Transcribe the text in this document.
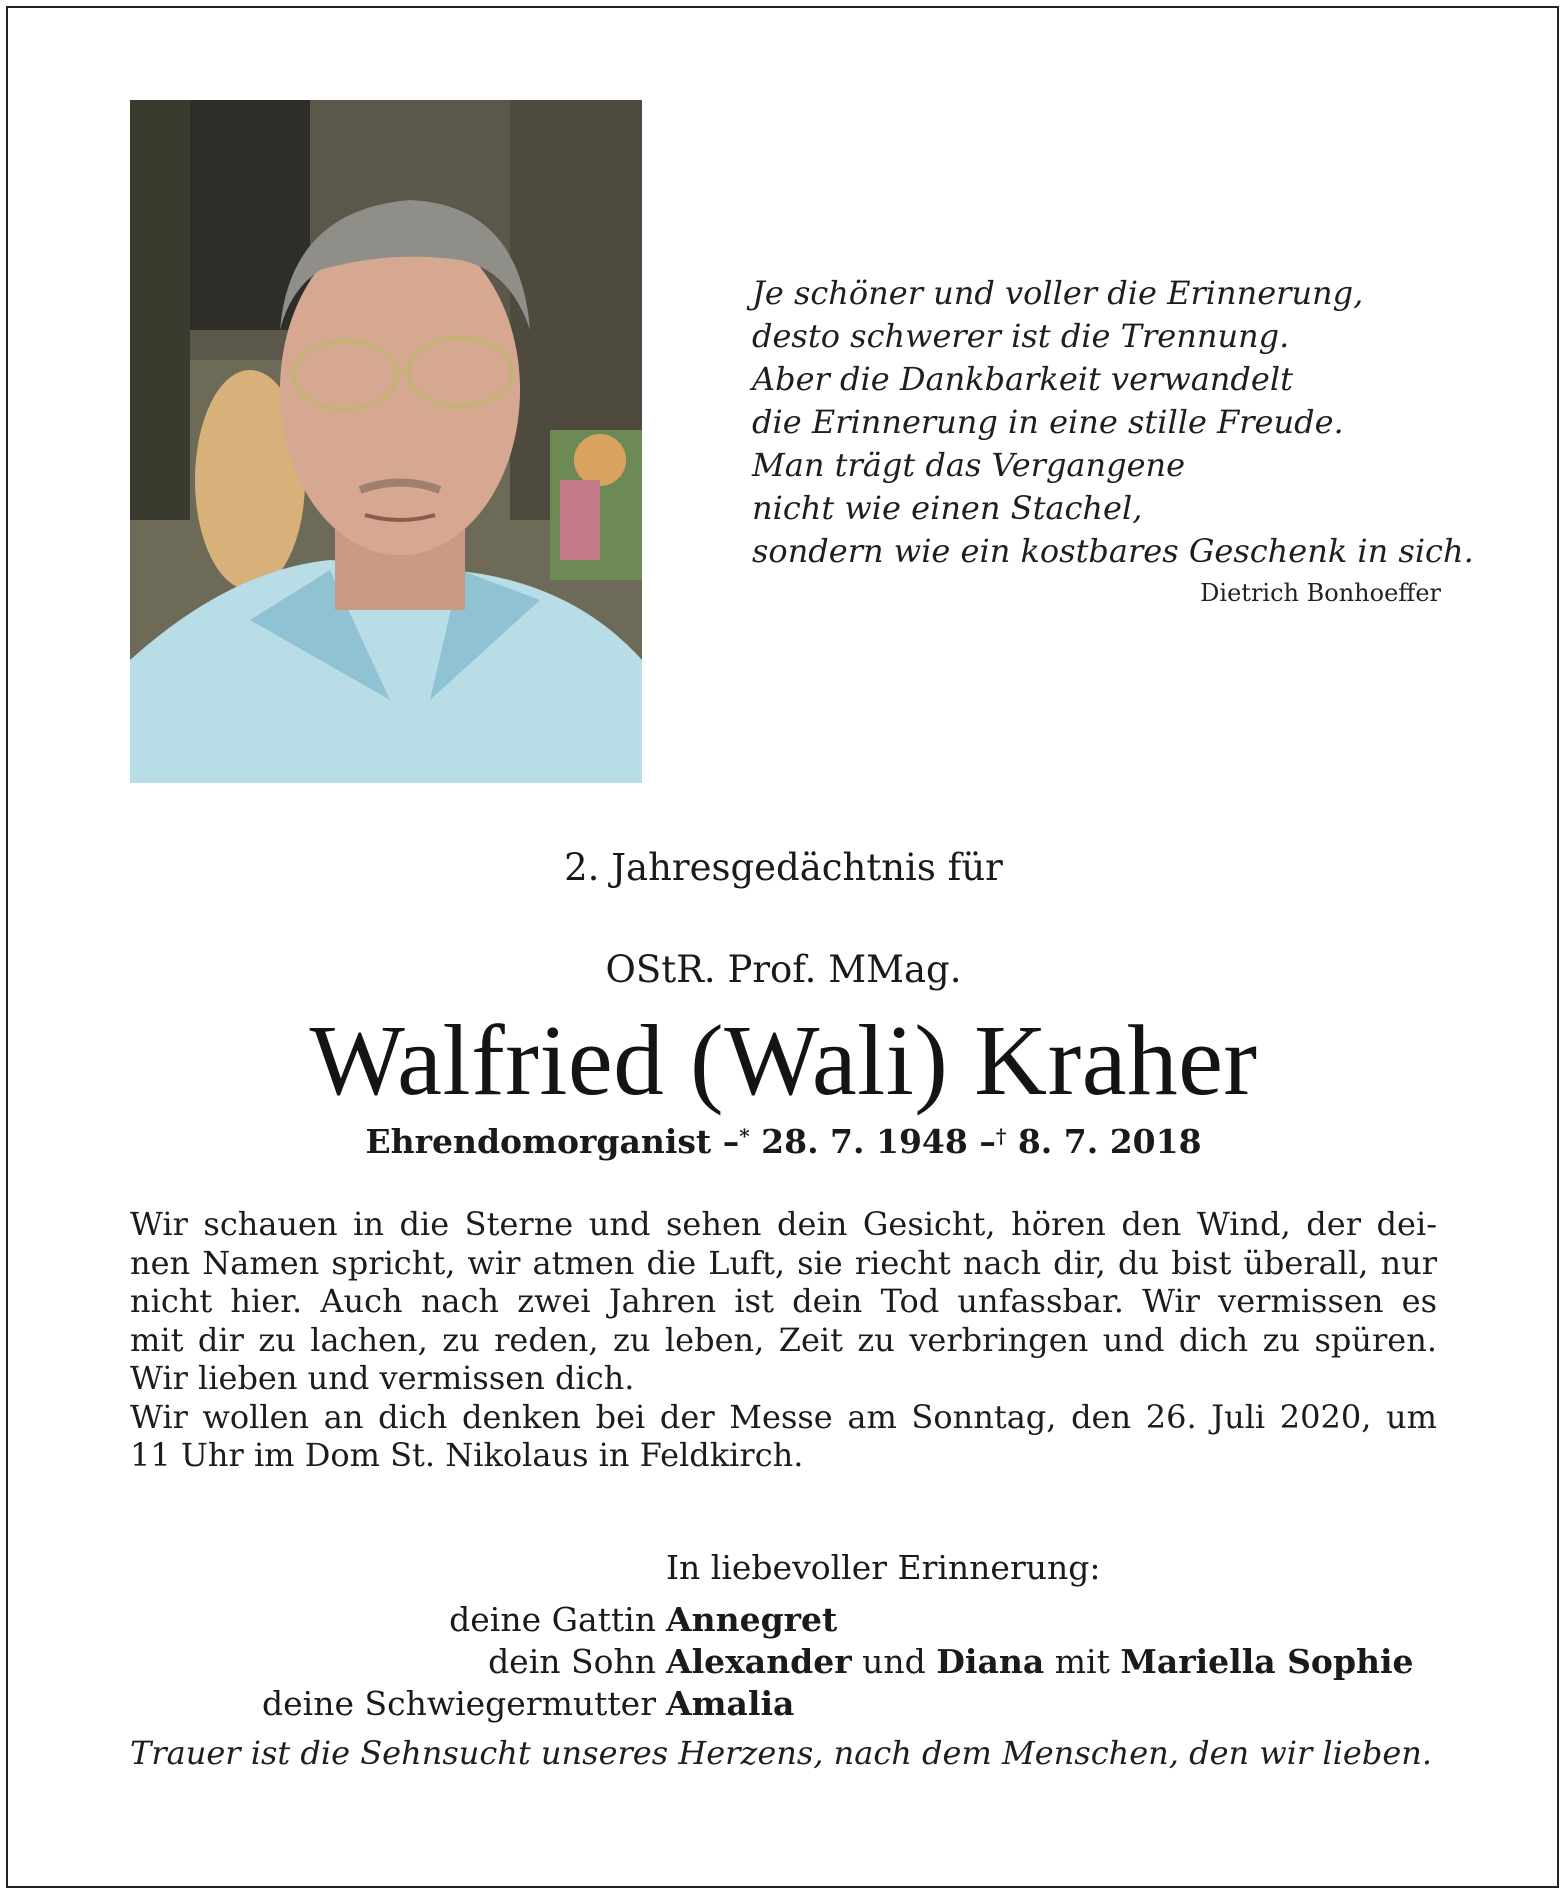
Je schöner und voller die Erinnerung,
desto schwerer ist die Trennung.
Aber die Dankbarkeit verwandelt
die Erinnerung in eine stille Freude.
Man trägt das Vergangene
nicht wie einen Stachel,
sondern wie ein kostbares Geschenk in sich.
Dietrich Bonhoeffer
2. Jahresgedächtnis für
OStR. Prof. MMag.
Walfried (Wali) Kraher
Ehrendomorganist –* 28. 7. 1948 –† 8. 7. 2018
Wir schauen in die Sterne und sehen dein Gesicht, hören den Wind, der dei-
nen Namen spricht, wir atmen die Luft, sie riecht nach dir, du bist überall, nur
nicht hier. Auch nach zwei Jahren ist dein Tod unfassbar. Wir vermissen es
mit dir zu lachen, zu reden, zu leben, Zeit zu verbringen und dich zu spüren.
Wir lieben und vermissen dich.
Wir wollen an dich denken bei der Messe am Sonntag, den 26. Juli 2020, um
11 Uhr im Dom St. Nikolaus in Feldkirch.
In liebevoller Erinnerung:
deine Gattin Annegret
dein Sohn Alexander und Diana mit Mariella Sophie
deine Schwiegermutter Amalia
Trauer ist die Sehnsucht unseres Herzens, nach dem Menschen, den wir lieben.
